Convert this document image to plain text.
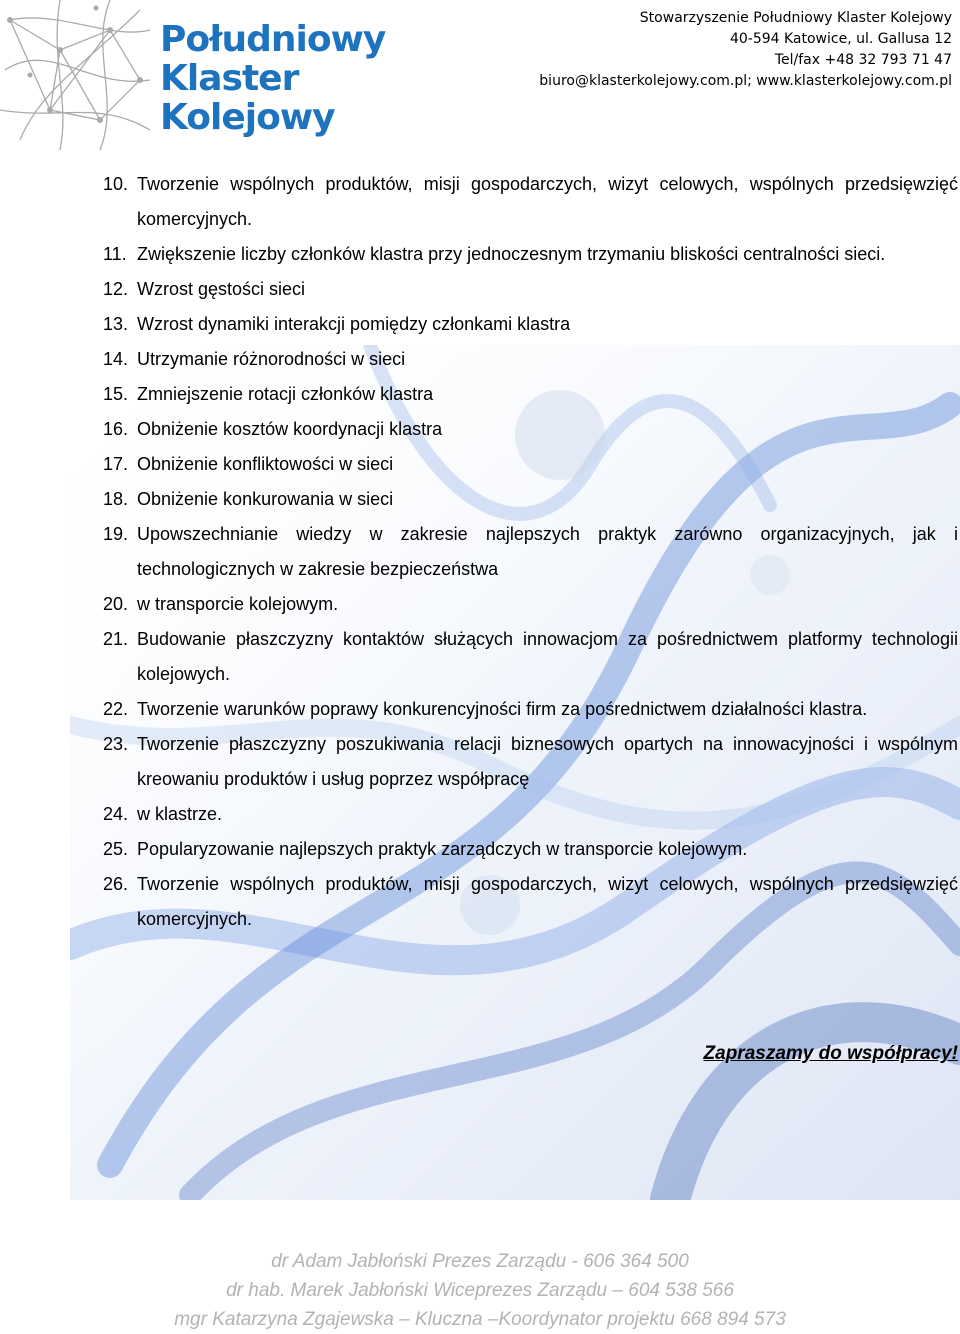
Południowy
Klaster
Kolejowy
Stowarzyszenie Południowy Klaster Kolejowy
40-594 Katowice, ul. Gallusa 12
Tel/fax +48 32 793 71 47
biuro@klasterkolejowy.com.pl; www.klasterkolejowy.com.pl
10. Tworzenie wspólnych produktów, misji gospodarczych, wizyt celowych, wspólnych przedsięwzięć komercyjnych.
11. Zwiększenie liczby członków klastra przy jednoczesnym trzymaniu bliskości centralności sieci.
12. Wzrost gęstości sieci
13. Wzrost dynamiki interakcji pomiędzy członkami klastra
14. Utrzymanie różnorodności w sieci
15. Zmniejszenie rotacji członków klastra
16. Obniżenie kosztów koordynacji klastra
17. Obniżenie konfliktowości w sieci
18. Obniżenie konkurowania w sieci
19. Upowszechnianie wiedzy w zakresie najlepszych praktyk zarówno organizacyjnych, jak i technologicznych w zakresie bezpieczeństwa
20. w transporcie kolejowym.
21. Budowanie płaszczyzny kontaktów służących innowacjom za pośrednictwem platformy technologii kolejowych.
22. Tworzenie warunków poprawy konkurencyjności firm za pośrednictwem działalności klastra.
23. Tworzenie płaszczyzny poszukiwania relacji biznesowych opartych na innowacyjności i wspólnym kreowaniu produktów i usług poprzez współpracę
24. w klastrze.
25. Popularyzowanie najlepszych praktyk zarządczych w transporcie kolejowym.
26. Tworzenie wspólnych produktów, misji gospodarczych, wizyt celowych, wspólnych przedsięwzięć komercyjnych.
Zapraszamy do współpracy!
dr Adam Jabłoński Prezes Zarządu - 606 364 500
dr hab. Marek Jabłoński Wiceprezes Zarządu – 604 538 566
mgr Katarzyna Zgajewska – Kluczna –Koordynator projektu 668 894 573
